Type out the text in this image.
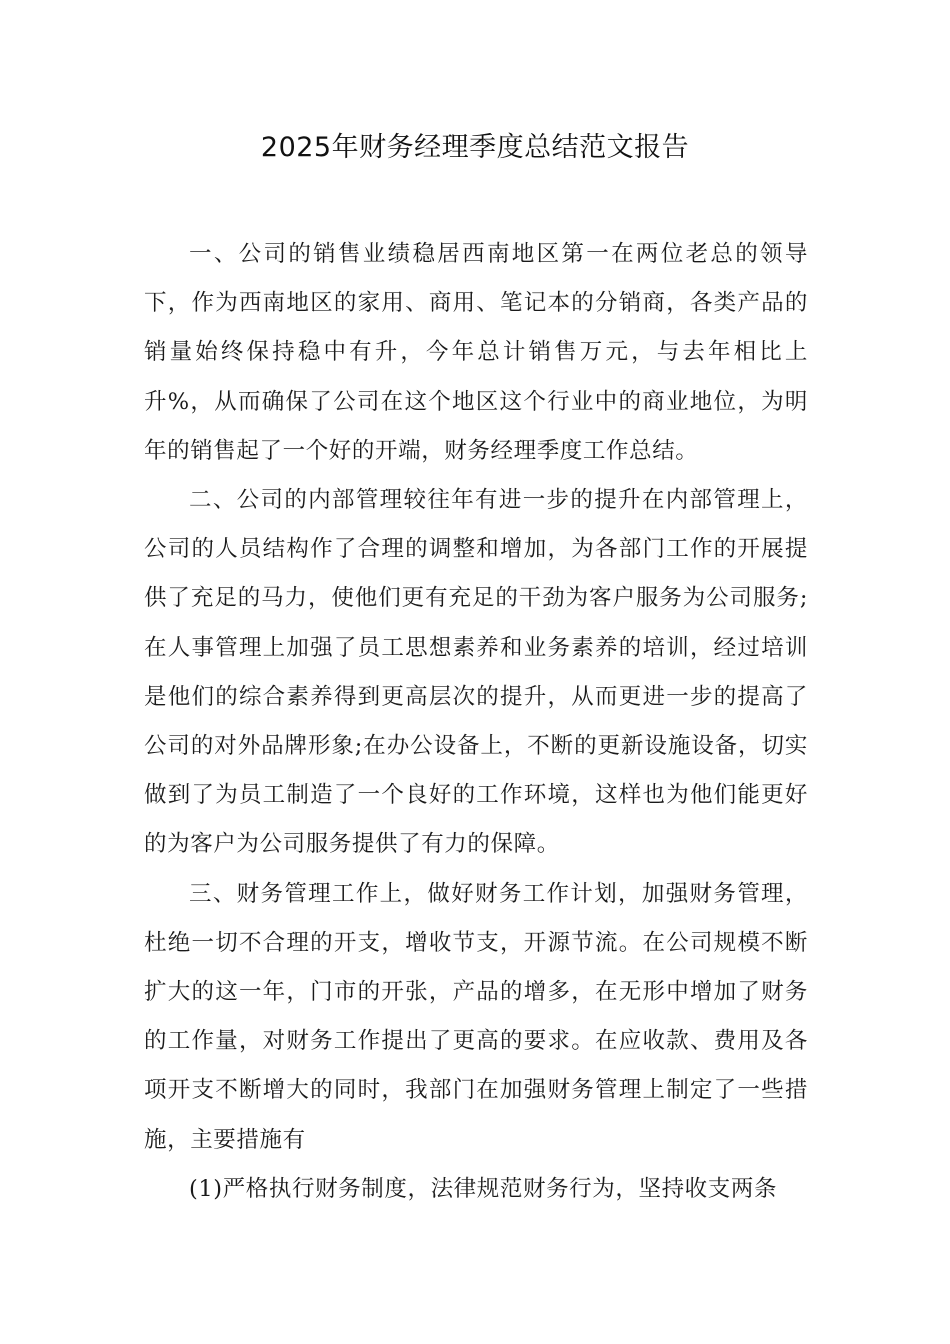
2025年财务经理季度总结范文报告

一、公司的销售业绩稳居西南地区第一在两位老总的领导下，作为西南地区的家用、商用、笔记本的分销商，各类产品的销量始终保持稳中有升，今年总计销售万元，与去年相比上升%，从而确保了公司在这个地区这个行业中的商业地位，为明年的销售起了一个好的开端，财务经理季度工作总结。

二、公司的内部管理较往年有进一步的提升在内部管理上，公司的人员结构作了合理的调整和增加，为各部门工作的开展提供了充足的马力，使他们更有充足的干劲为客户服务为公司服务;在人事管理上加强了员工思想素养和业务素养的培训，经过培训是他们的综合素养得到更高层次的提升，从而更进一步的提高了公司的对外品牌形象;在办公设备上，不断的更新设施设备，切实做到了为员工制造了一个良好的工作环境，这样也为他们能更好的为客户为公司服务提供了有力的保障。

三、财务管理工作上，做好财务工作计划，加强财务管理，杜绝一切不合理的开支，增收节支，开源节流。在公司规模不断扩大的这一年，门市的开张，产品的增多，在无形中增加了财务的工作量，对财务工作提出了更高的要求。在应收款、费用及各项开支不断增大的同时，我部门在加强财务管理上制定了一些措施，主要措施有

(1)严格执行财务制度，法律规范财务行为，坚持收支两条
